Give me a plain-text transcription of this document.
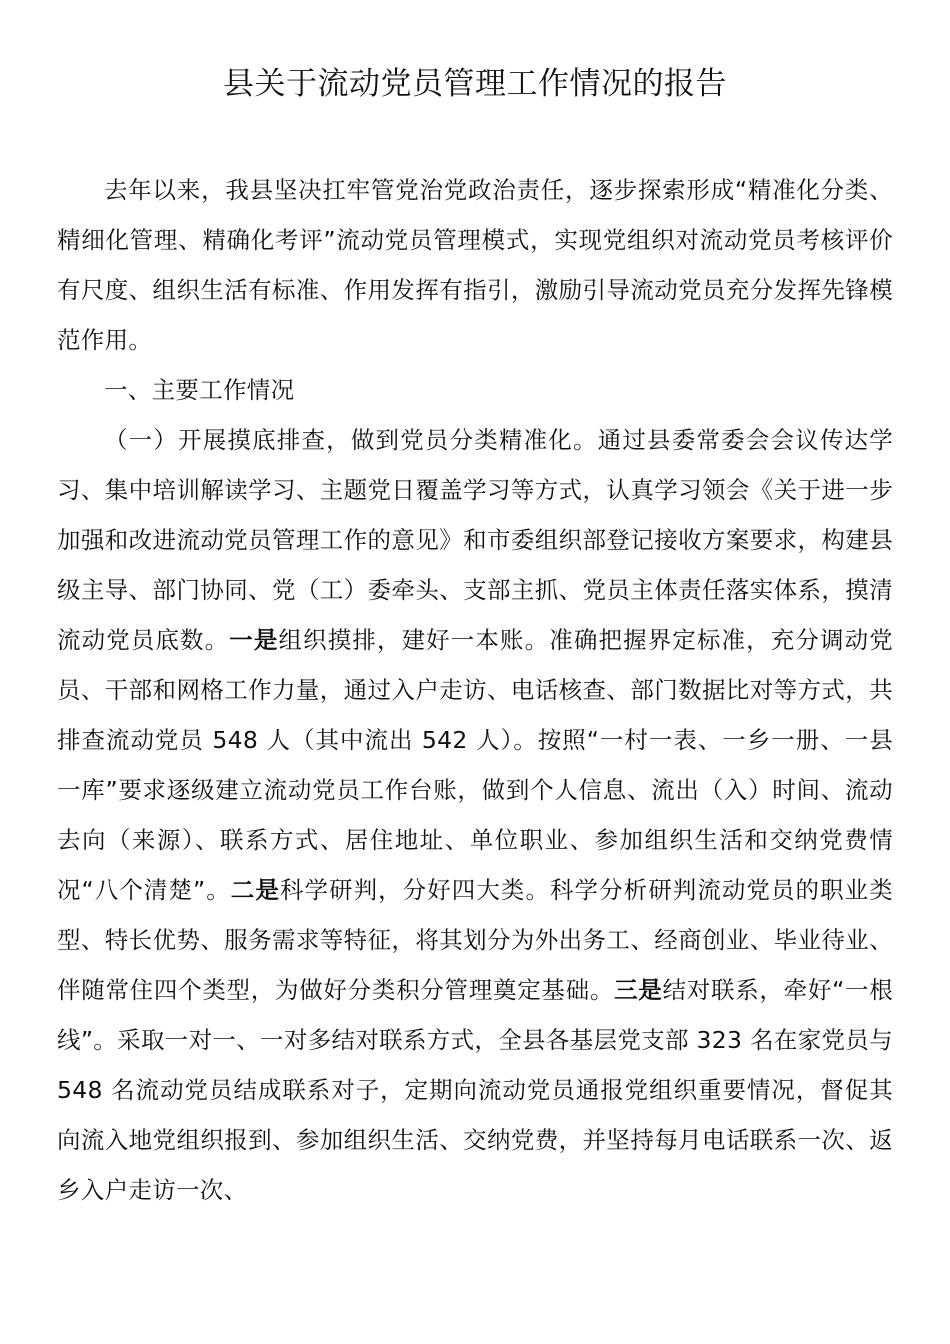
县关于流动党员管理工作情况的报告

去年以来，我县坚决扛牢管党治党政治责任，逐步探索形成“精准化分类、精细化管理、精确化考评”流动党员管理模式，实现党组织对流动党员考核评价有尺度、组织生活有标准、作用发挥有指引，激励引导流动党员充分发挥先锋模范作用。

一、主要工作情况

（一）开展摸底排查，做到党员分类精准化。通过县委常委会会议传达学习、集中培训解读学习、主题党日覆盖学习等方式，认真学习领会《关于进一步加强和改进流动党员管理工作的意见》和市委组织部登记接收方案要求，构建县级主导、部门协同、党（工）委牵头、支部主抓、党员主体责任落实体系，摸清流动党员底数。一是组织摸排，建好一本账。准确把握界定标准，充分调动党员、干部和网格工作力量，通过入户走访、电话核查、部门数据比对等方式，共排查流动党员 548 人（其中流出 542 人）。按照“一村一表、一乡一册、一县一库”要求逐级建立流动党员工作台账，做到个人信息、流出（入）时间、流动去向（来源）、联系方式、居住地址、单位职业、参加组织生活和交纳党费情况“八个清楚”。二是科学研判，分好四大类。科学分析研判流动党员的职业类型、特长优势、服务需求等特征，将其划分为外出务工、经商创业、毕业待业、伴随常住四个类型，为做好分类积分管理奠定基础。三是结对联系，牵好“一根线”。采取一对一、一对多结对联系方式，全县各基层党支部 323 名在家党员与 548 名流动党员结成联系对子，定期向流动党员通报党组织重要情况，督促其向流入地党组织报到、参加组织生活、交纳党费，并坚持每月电话联系一次、返乡入户走访一次、
